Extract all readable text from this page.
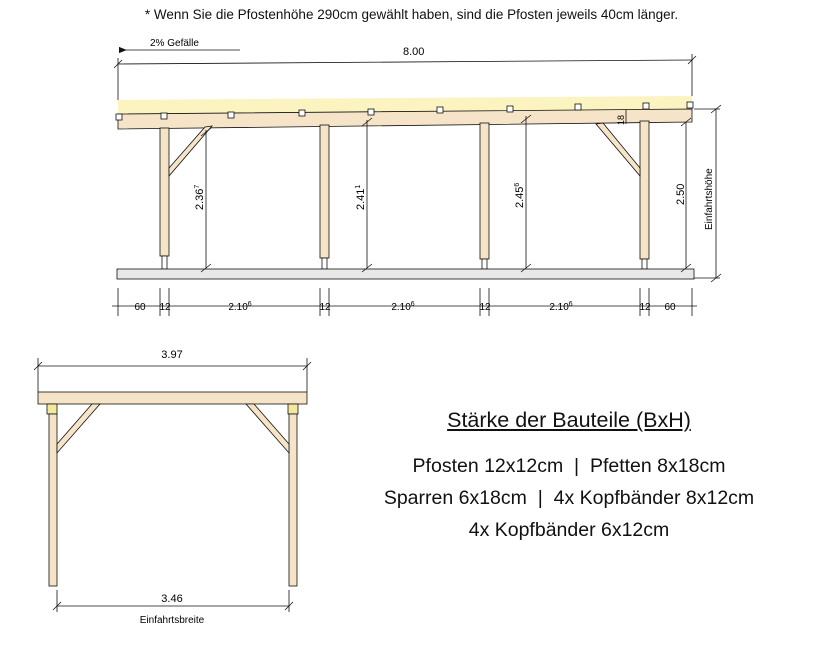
* Wenn Sie die Pfostenhöhe 290cm gewählt haben, sind die Pfosten jeweils 40cm länger.
2% Gefälle
8.00
18
2.36$^7$
2.41$^1$	2.45$^6$	2.50 Einfahrtshöhe
60 12	2.10$^6$	12	2.10$^6$	12	2.10$^6$	12 60
3.97
3.46
Einfahrtsbreite
Stärke der Bauteile (BxH)
Pfosten 12x12cm  |  Pfetten 8x18cm
Sparren 6x18cm  |  4x Kopfbänder 8x12cm
4x Kopfbänder 6x12cm
